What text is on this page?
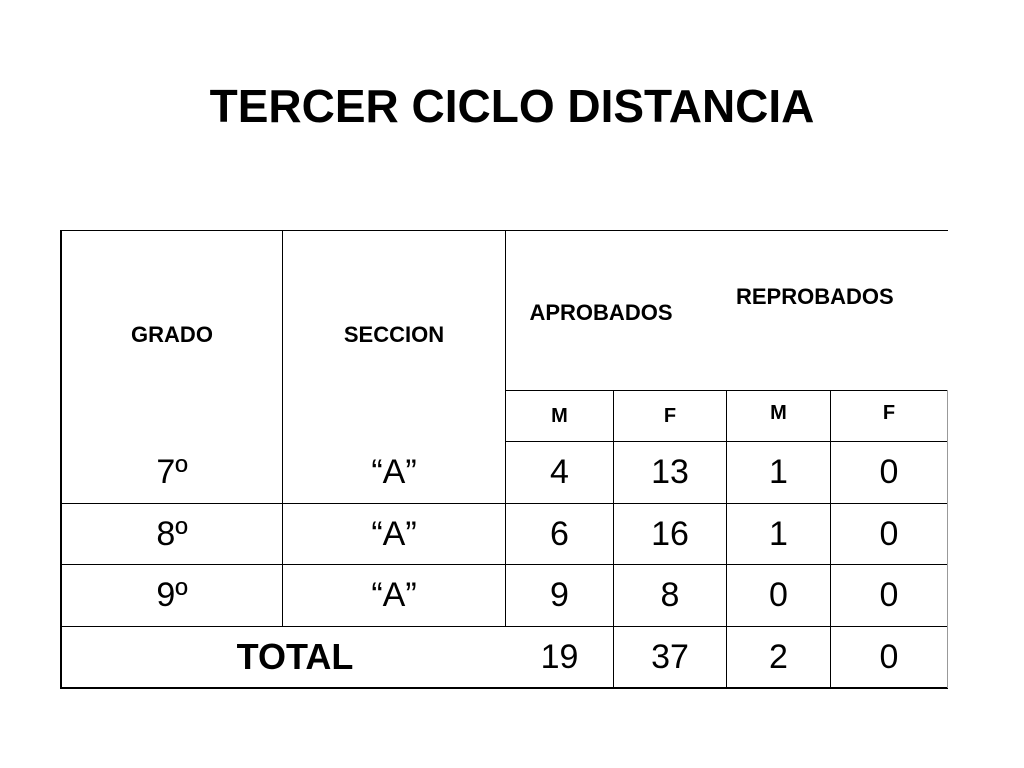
TERCER CICLO DISTANCIA
GRADO	SECCION
APROBADOS
REPROBADOS
M	F	M	F
7º	“A”	4	13	1	0
8º	“A”	6	16	1	0
9º	“A”	9	8	0	0
TOTAL	19	37	2	0
